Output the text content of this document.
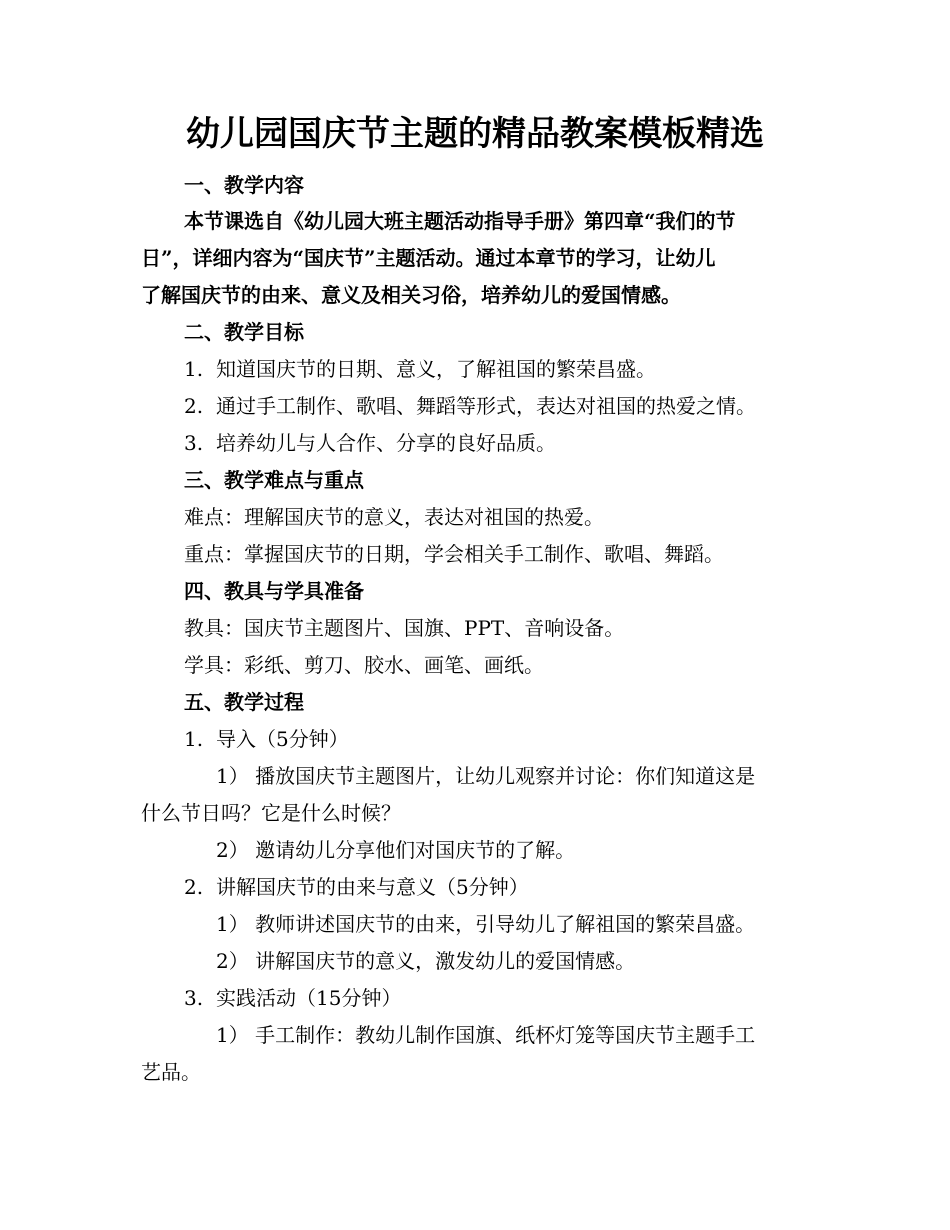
幼儿园国庆节主题的精品教案模板精选
一、教学内容
本节课选自《幼儿园大班主题活动指导手册》第四章“我们的节
日”，详细内容为“国庆节”主题活动。通过本章节的学习，让幼儿
了解国庆节的由来、意义及相关习俗，培养幼儿的爱国情感。
二、教学目标
1. 知道国庆节的日期、意义，了解祖国的繁荣昌盛。
2. 通过手工制作、歌唱、舞蹈等形式，表达对祖国的热爱之情。
3. 培养幼儿与人合作、分享的良好品质。
三、教学难点与重点
难点：理解国庆节的意义，表达对祖国的热爱。
重点：掌握国庆节的日期，学会相关手工制作、歌唱、舞蹈。
四、教具与学具准备
教具：国庆节主题图片、国旗、PPT、音响设备。
学具：彩纸、剪刀、胶水、画笔、画纸。
五、教学过程
1. 导入（5分钟）
1） 播放国庆节主题图片，让幼儿观察并讨论：你们知道这是
什么节日吗？它是什么时候？
2） 邀请幼儿分享他们对国庆节的了解。
2. 讲解国庆节的由来与意义（5分钟）
1） 教师讲述国庆节的由来，引导幼儿了解祖国的繁荣昌盛。
2） 讲解国庆节的意义，激发幼儿的爱国情感。
3. 实践活动（15分钟）
1） 手工制作：教幼儿制作国旗、纸杯灯笼等国庆节主题手工
艺品。
